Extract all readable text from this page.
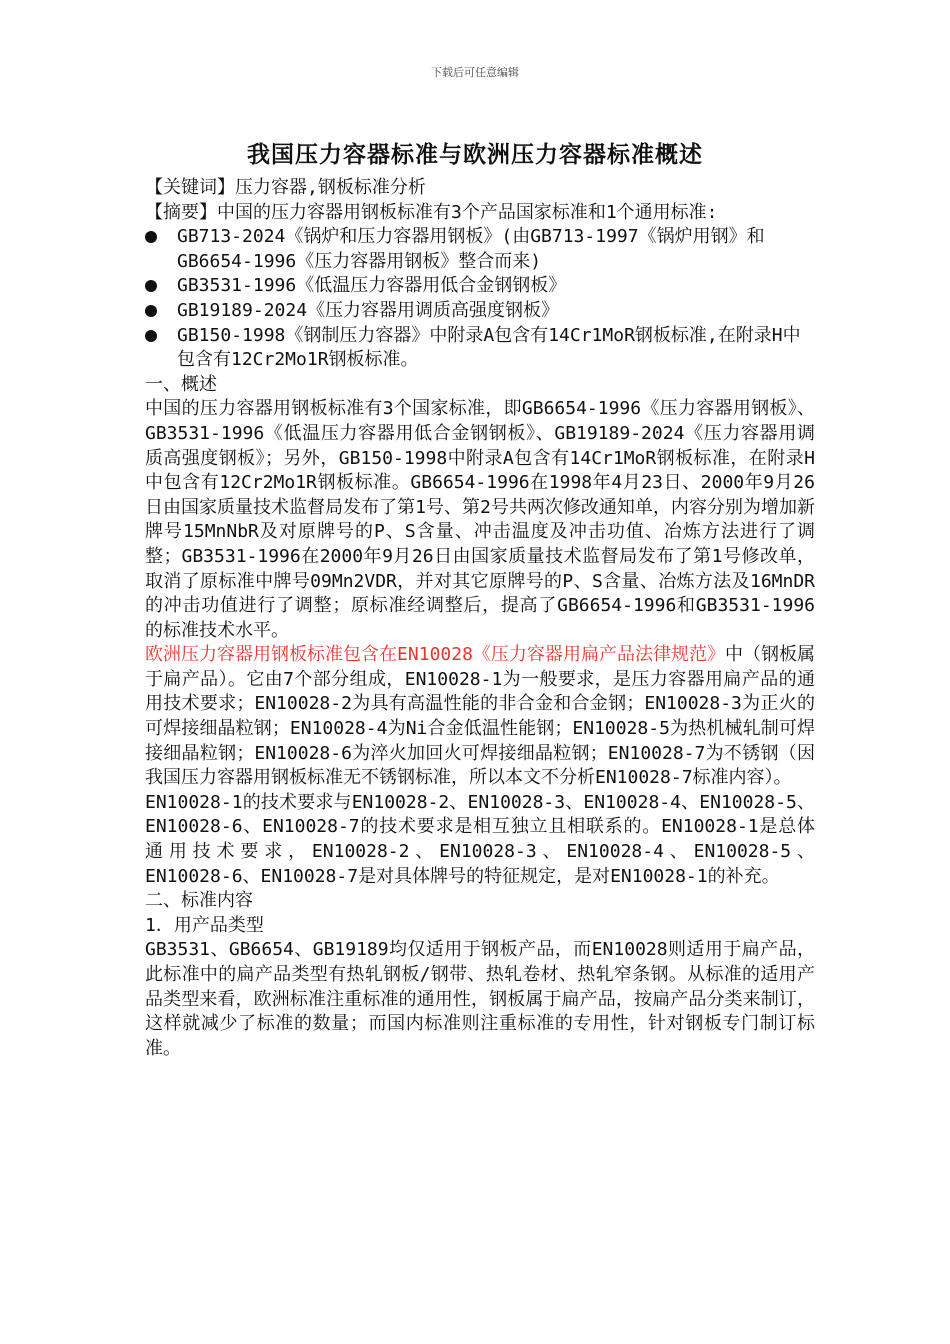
下载后可任意编辑
我国压力容器标准与欧洲压力容器标准概述

【关键词】压力容器,钢板标准分析

【摘要】中国的压力容器用钢板标准有3个产品国家标准和1个通用标准:

GB713-2024《锅炉和压力容器用钢板》(由GB713-1997《锅炉用钢》和GB6654-1996《压力容器用钢板》整合而来)
GB3531-1996《低温压力容器用低合金钢钢板》
GB19189-2024《压力容器用调质高强度钢板》
GB150-1998《钢制压力容器》中附录A包含有14Cr1MoR钢板标准,在附录H中包含有12Cr2Mo1R钢板标准。

一、概述

中国的压力容器用钢板标准有3个国家标准，即GB6654-1996《压力容器用钢板》、GB3531-1996《低温压力容器用低合金钢钢板》、GB19189-2024《压力容器用调质高强度钢板》；另外，GB150-1998中附录A包含有14Cr1MoR钢板标准，在附录H中包含有12Cr2Mo1R钢板标准。GB6654-1996在1998年4月23日、2000年9月26日由国家质量技术监督局发布了第1号、第2号共两次修改通知单，内容分别为增加新牌号15MnNbR及对原牌号的P、S含量、冲击温度及冲击功值、冶炼方法进行了调整；GB3531-1996在2000年9月26日由国家质量技术监督局发布了第1号修改单，取消了原标准中牌号09Mn2VDR，并对其它原牌号的P、S含量、冶炼方法及16MnDR的冲击功值进行了调整；原标准经调整后，提高了GB6654-1996和GB3531-1996的标准技术水平。

欧洲压力容器用钢板标准包含在EN10028《压力容器用扁产品法律规范》中（钢板属于扁产品）。它由7个部分组成，EN10028-1为一般要求，是压力容器用扁产品的通用技术要求；EN10028-2为具有高温性能的非合金和合金钢；EN10028-3为正火的可焊接细晶粒钢；EN10028-4为Ni合金低温性能钢；EN10028-5为热机械轧制可焊接细晶粒钢；EN10028-6为淬火加回火可焊接细晶粒钢；EN10028-7为不锈钢（因我国压力容器用钢板标准无不锈钢标准，所以本文不分析EN10028-7标准内容）。

EN10028-1的技术要求与EN10028-2、EN10028-3、EN10028-4、EN10028-5、EN10028-6、EN10028-7的技术要求是相互独立且相联系的。EN10028-1是总体通用技术要求，EN10028-2、EN10028-3、EN10028-4、EN10028-5、EN10028-6、EN10028-7是对具体牌号的特征规定，是对EN10028-1的补充。

二、标准内容

1．用产品类型

GB3531、GB6654、GB19189均仅适用于钢板产品，而EN10028则适用于扁产品，此标准中的扁产品类型有热轧钢板/钢带、热轧卷材、热轧窄条钢。从标准的适用产品类型来看，欧洲标准注重标准的通用性，钢板属于扁产品，按扁产品分类来制订，这样就减少了标准的数量；而国内标准则注重标准的专用性，针对钢板专门制订标准。
